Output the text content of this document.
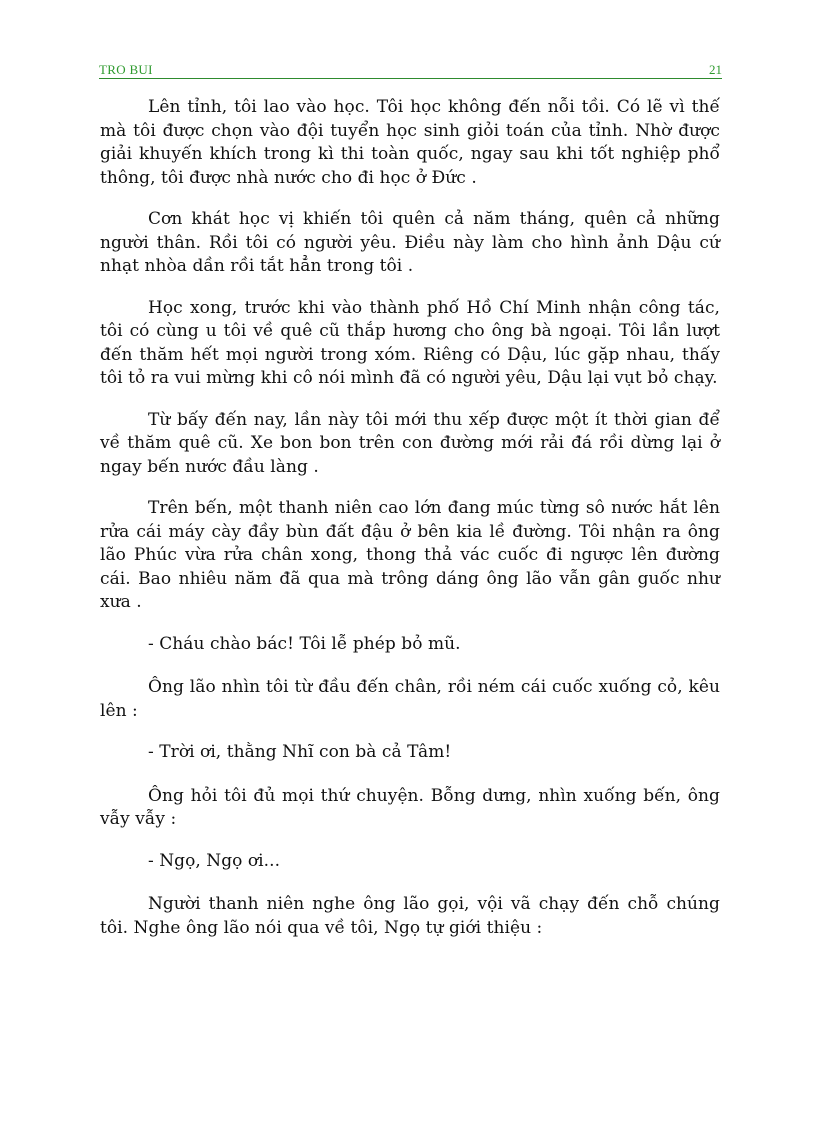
TRO BUI	21

Lên tỉnh, tôi lao vào học. Tôi học không đến nỗi tồi. Có lẽ vì thế mà tôi được chọn vào đội tuyển học sinh giỏi toán của tỉnh. Nhờ được giải khuyến khích trong kì thi toàn quốc, ngay sau khi tốt nghiệp phổ thông, tôi được nhà nước cho đi học ở Đức .

Cơn khát học vị khiến tôi quên cả năm tháng, quên cả những người thân. Rồi tôi có người yêu. Điều này làm cho hình ảnh Dậu cứ nhạt nhòa dần rồi tắt hẳn trong tôi .

Học xong, trước khi vào thành phố Hồ Chí Minh nhận công tác, tôi có cùng u tôi về quê cũ thắp hương cho ông bà ngoại. Tôi lần lượt đến thăm hết mọi người trong xóm. Riêng có Dậu, lúc gặp nhau, thấy tôi tỏ ra vui mừng khi cô nói mình đã có người yêu, Dậu lại vụt bỏ chạy.

Từ bấy đến nay, lần này tôi mới thu xếp được một ít thời gian để về thăm quê cũ. Xe bon bon trên con đường mới rải đá rồi dừng lại ở ngay bến nước đầu làng .

Trên bến, một thanh niên cao lớn đang múc từng sô nước hắt lên rửa cái máy cày đầy bùn đất đậu ở bên kia lề đường. Tôi nhận ra ông lão Phúc vừa rửa chân xong, thong thả vác cuốc đi ngược lên đường cái. Bao nhiêu năm đã qua mà trông dáng ông lão vẫn gân guốc như xưa .

- Cháu chào bác! Tôi lễ phép bỏ mũ.

Ông lão nhìn tôi từ đầu đến chân, rồi ném cái cuốc xuống cỏ, kêu lên :

- Trời ơi, thằng Nhĩ con bà cả Tâm!

Ông hỏi tôi đủ mọi thứ chuyện. Bỗng dưng, nhìn xuống bến, ông vẫy vẫy :

- Ngọ, Ngọ ơi...

Người thanh niên nghe ông lão gọi, vội vã chạy đến chỗ chúng tôi. Nghe ông lão nói qua về tôi, Ngọ tự giới thiệu :
